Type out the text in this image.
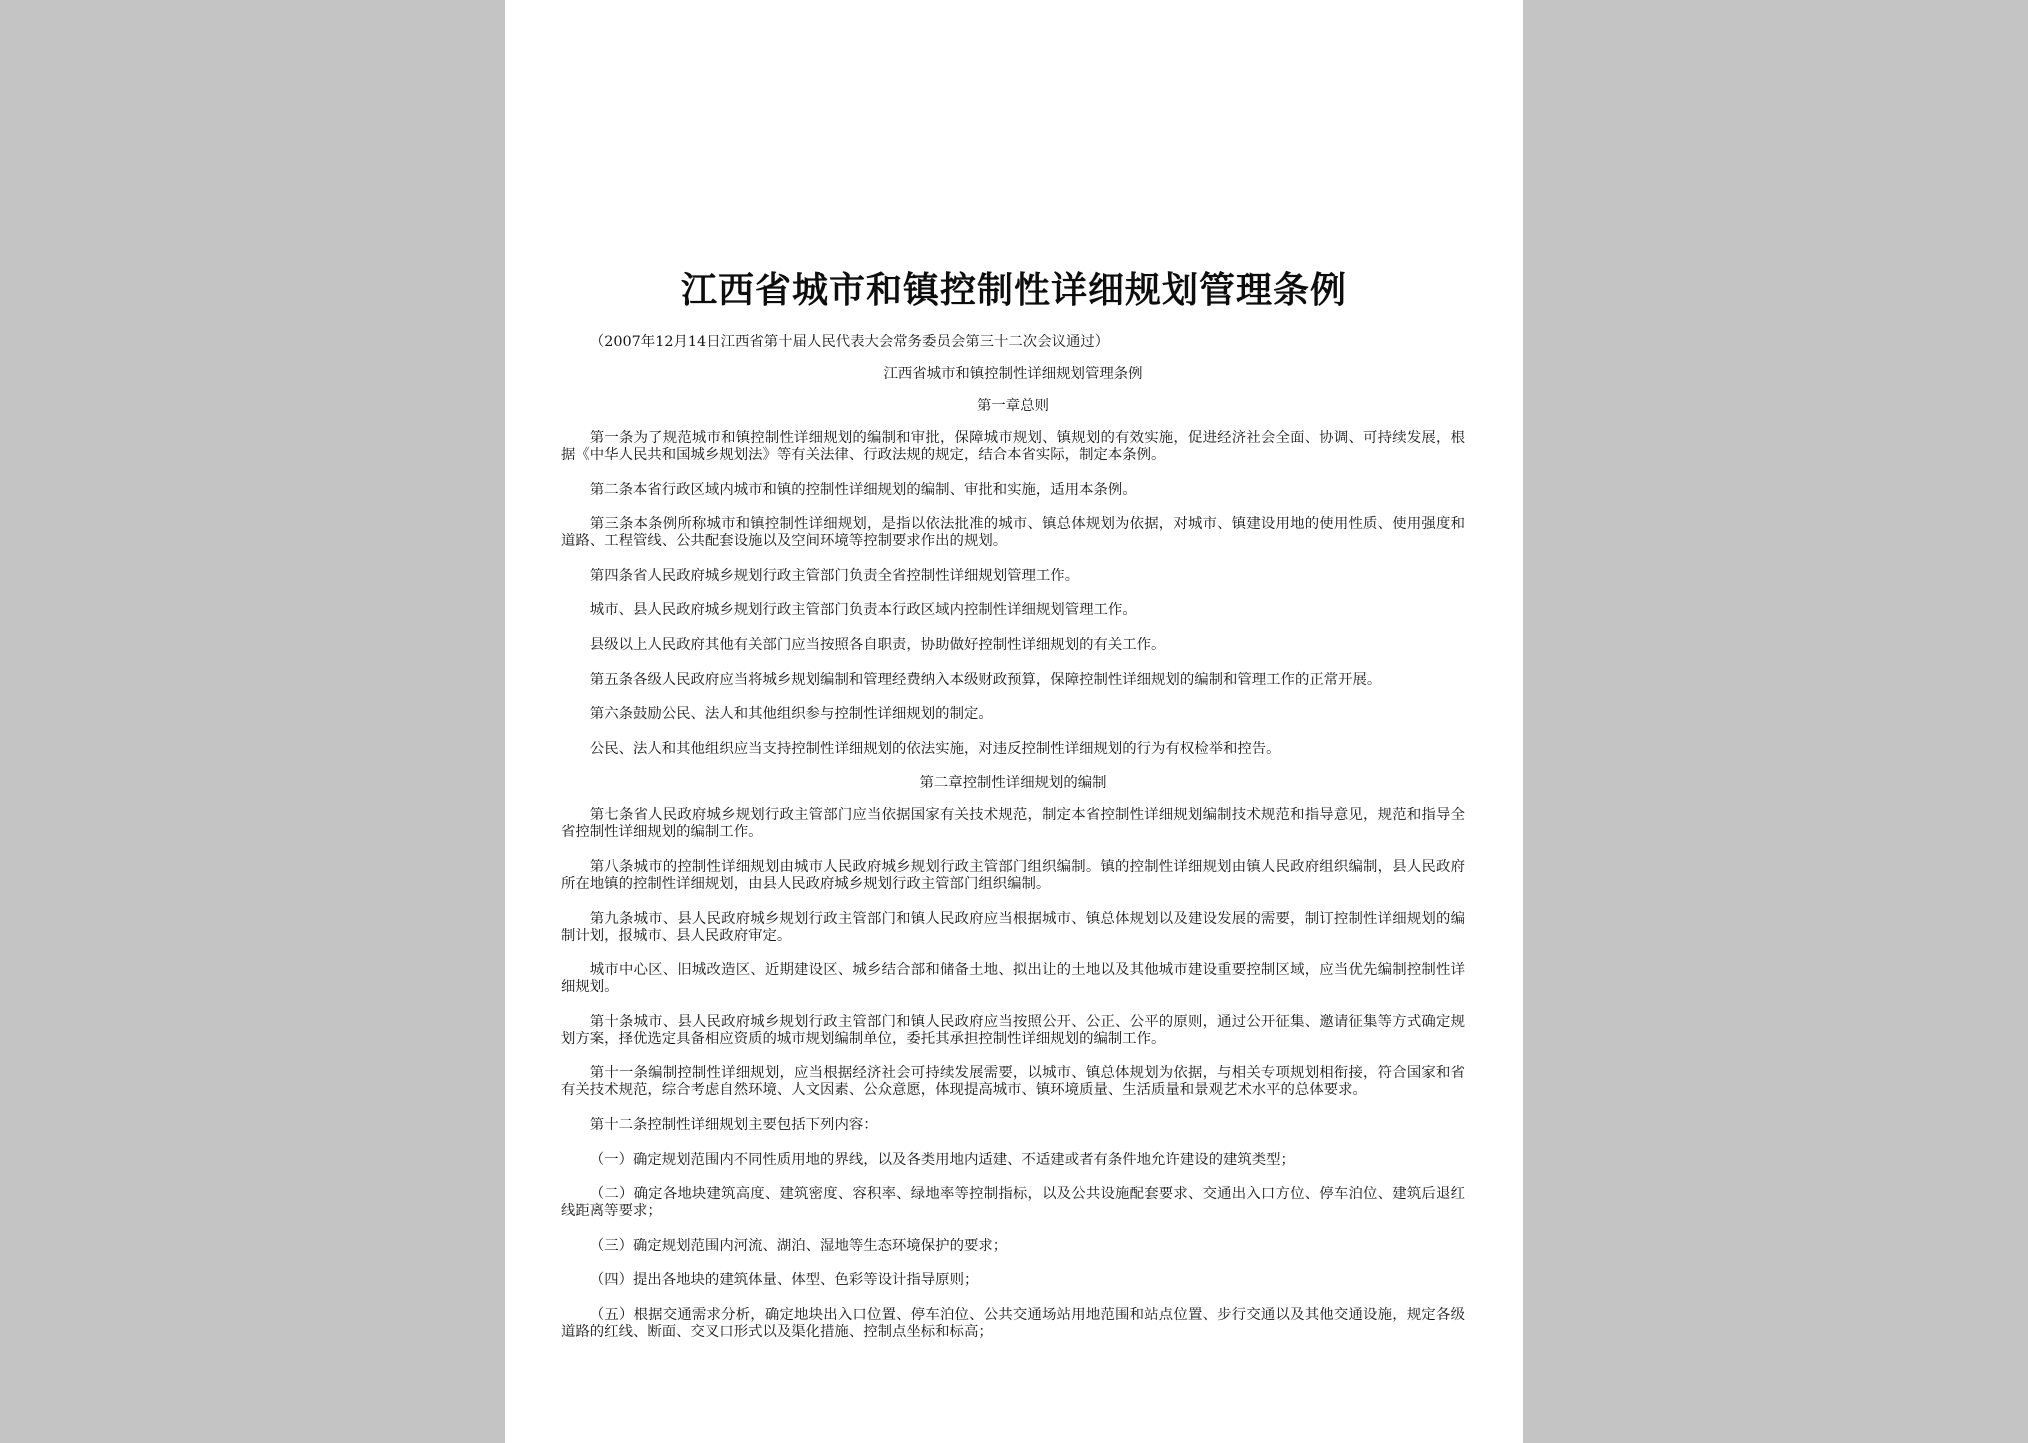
江西省城市和镇控制性详细规划管理条例

（2007年12月14日江西省第十届人民代表大会常务委员会第三十二次会议通过）

江西省城市和镇控制性详细规划管理条例

第一章总则

第一条为了规范城市和镇控制性详细规划的编制和审批，保障城市规划、镇规划的有效实施，促进经济社会全面、协调、可持续发展，根据《中华人民共和国城乡规划法》等有关法律、行政法规的规定，结合本省实际，制定本条例。

第二条本省行政区域内城市和镇的控制性详细规划的编制、审批和实施，适用本条例。

第三条本条例所称城市和镇控制性详细规划，是指以依法批准的城市、镇总体规划为依据，对城市、镇建设用地的使用性质、使用强度和道路、工程管线、公共配套设施以及空间环境等控制要求作出的规划。

第四条省人民政府城乡规划行政主管部门负责全省控制性详细规划管理工作。

城市、县人民政府城乡规划行政主管部门负责本行政区域内控制性详细规划管理工作。

县级以上人民政府其他有关部门应当按照各自职责，协助做好控制性详细规划的有关工作。

第五条各级人民政府应当将城乡规划编制和管理经费纳入本级财政预算，保障控制性详细规划的编制和管理工作的正常开展。

第六条鼓励公民、法人和其他组织参与控制性详细规划的制定。

公民、法人和其他组织应当支持控制性详细规划的依法实施，对违反控制性详细规划的行为有权检举和控告。

第二章控制性详细规划的编制

第七条省人民政府城乡规划行政主管部门应当依据国家有关技术规范，制定本省控制性详细规划编制技术规范和指导意见，规范和指导全省控制性详细规划的编制工作。

第八条城市的控制性详细规划由城市人民政府城乡规划行政主管部门组织编制。镇的控制性详细规划由镇人民政府组织编制，县人民政府所在地镇的控制性详细规划，由县人民政府城乡规划行政主管部门组织编制。

第九条城市、县人民政府城乡规划行政主管部门和镇人民政府应当根据城市、镇总体规划以及建设发展的需要，制订控制性详细规划的编制计划，报城市、县人民政府审定。

城市中心区、旧城改造区、近期建设区、城乡结合部和储备土地、拟出让的土地以及其他城市建设重要控制区域，应当优先编制控制性详细规划。

第十条城市、县人民政府城乡规划行政主管部门和镇人民政府应当按照公开、公正、公平的原则，通过公开征集、邀请征集等方式确定规划方案，择优选定具备相应资质的城市规划编制单位，委托其承担控制性详细规划的编制工作。

第十一条编制控制性详细规划，应当根据经济社会可持续发展需要，以城市、镇总体规划为依据，与相关专项规划相衔接，符合国家和省有关技术规范，综合考虑自然环境、人文因素、公众意愿，体现提高城市、镇环境质量、生活质量和景观艺术水平的总体要求。

第十二条控制性详细规划主要包括下列内容：

（一）确定规划范围内不同性质用地的界线，以及各类用地内适建、不适建或者有条件地允许建设的建筑类型；

（二）确定各地块建筑高度、建筑密度、容积率、绿地率等控制指标，以及公共设施配套要求、交通出入口方位、停车泊位、建筑后退红线距离等要求；

（三）确定规划范围内河流、湖泊、湿地等生态环境保护的要求；

（四）提出各地块的建筑体量、体型、色彩等设计指导原则；

（五）根据交通需求分析，确定地块出入口位置、停车泊位、公共交通场站用地范围和站点位置、步行交通以及其他交通设施，规定各级道路的红线、断面、交叉口形式以及渠化措施、控制点坐标和标高；
